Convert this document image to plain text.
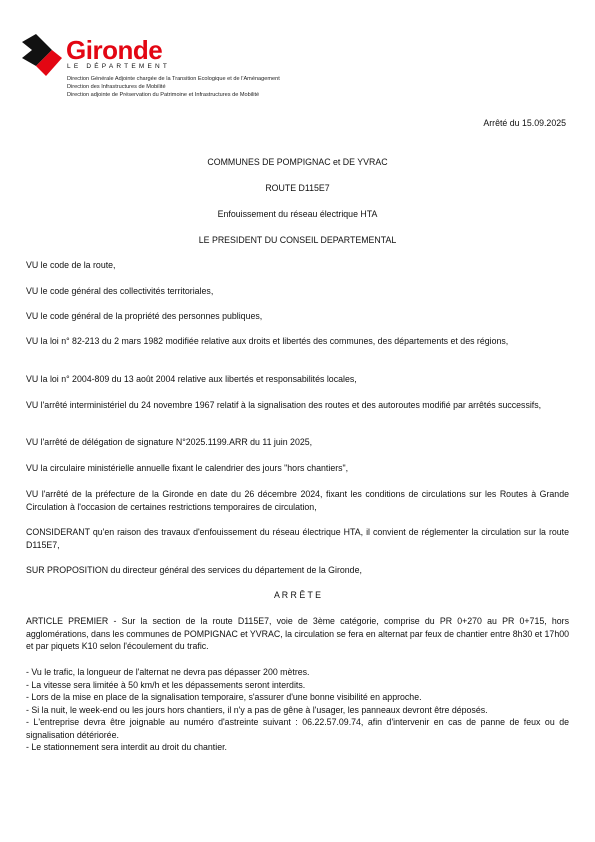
Gironde
LE DÉPARTEMENT
Direction Générale Adjointe chargée de la Transition Ecologique et de l'Aménagement
Direction des Infrastructures de Mobilité
Direction adjointe de Préservation du Patrimoine et Infrastructures de Mobilité
Arrêté du 15.09.2025
COMMUNES DE POMPIGNAC et DE YVRAC
ROUTE D115E7
Enfouissement du réseau électrique HTA
LE PRESIDENT DU CONSEIL DEPARTEMENTAL
VU le code de la route,
VU le code général des collectivités territoriales,
VU le code général de la propriété des personnes publiques,
VU la loi n° 82-213 du 2 mars 1982 modifiée relative aux droits et libertés des communes, des départements et des régions,
VU la loi n° 2004-809 du 13 août 2004 relative aux libertés et responsabilités locales,
VU l'arrêté interministériel du 24 novembre 1967 relatif à la signalisation des routes et des autoroutes modifié par arrêtés successifs,
VU l'arrêté de délégation de signature N°2025.1199.ARR du 11 juin 2025,
VU la circulaire ministérielle annuelle fixant le calendrier des jours "hors chantiers",
VU l'arrêté de la préfecture de la Gironde en date du 26 décembre 2024, fixant les conditions de circulations sur les Routes à Grande Circulation à l'occasion de certaines restrictions temporaires de circulation,
CONSIDERANT qu'en raison des travaux d'enfouissement du réseau électrique HTA, il convient de réglementer la circulation sur la route D115E7,
SUR PROPOSITION du directeur général des services du département de la Gironde,
A R R Ê T E
ARTICLE PREMIER - Sur la section de la route D115E7, voie de 3ème catégorie, comprise du PR 0+270 au PR 0+715, hors agglomérations, dans les communes de POMPIGNAC et YVRAC, la circulation se fera en alternat par feux de chantier entre 8h30 et 17h00 et par piquets K10 selon l'écoulement du trafic.
- Vu le trafic, la longueur de l'alternat ne devra pas dépasser 200 mètres.
- La vitesse sera limitée à 50 km/h et les dépassements seront interdits.
- Lors de la mise en place de la signalisation temporaire, s'assurer d'une bonne visibilité en approche.
- Si la nuit, le week-end ou les jours hors chantiers, il n'y a pas de gêne à l'usager, les panneaux devront être déposés.
- L'entreprise devra être joignable au numéro d'astreinte suivant : 06.22.57.09.74, afin d'intervenir en cas de panne de feux ou de signalisation détériorée.
- Le stationnement sera interdit au droit du chantier.
